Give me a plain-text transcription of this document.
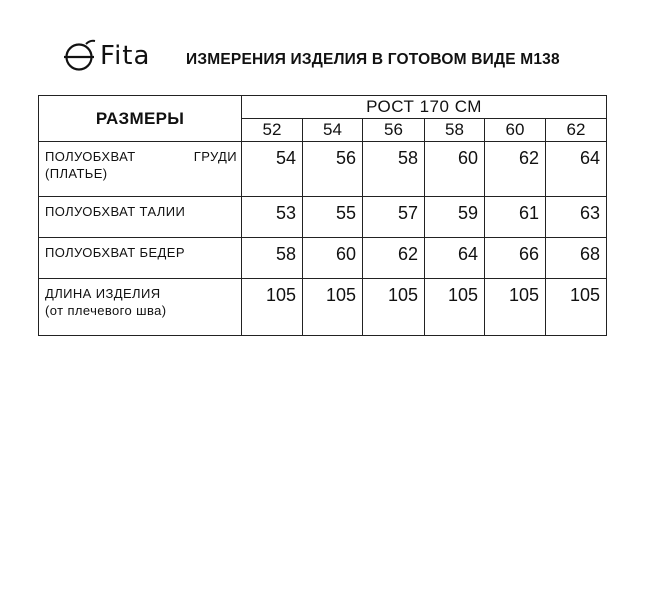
Fita ИЗМЕРЕНИЯ ИЗДЕЛИЯ В ГОТОВОМ ВИДЕ М138
РАЗМЕРЫ	РОСТ 170 СМ					
	52	54	56	58	60	62

ПОЛУОБХВАТ ГРУДИ
(ПЛАТЬЕ)	54	56	58	60	62	64

ПОЛУОБХВАТ ТАЛИИ	53	55	57	59	61	63

ПОЛУОБХВАТ БЕДЕР	58	60	62	64	66	68

ДЛИНА ИЗДЕЛИЯ
(от плечевого шва)	105	105	105	105	105	105
